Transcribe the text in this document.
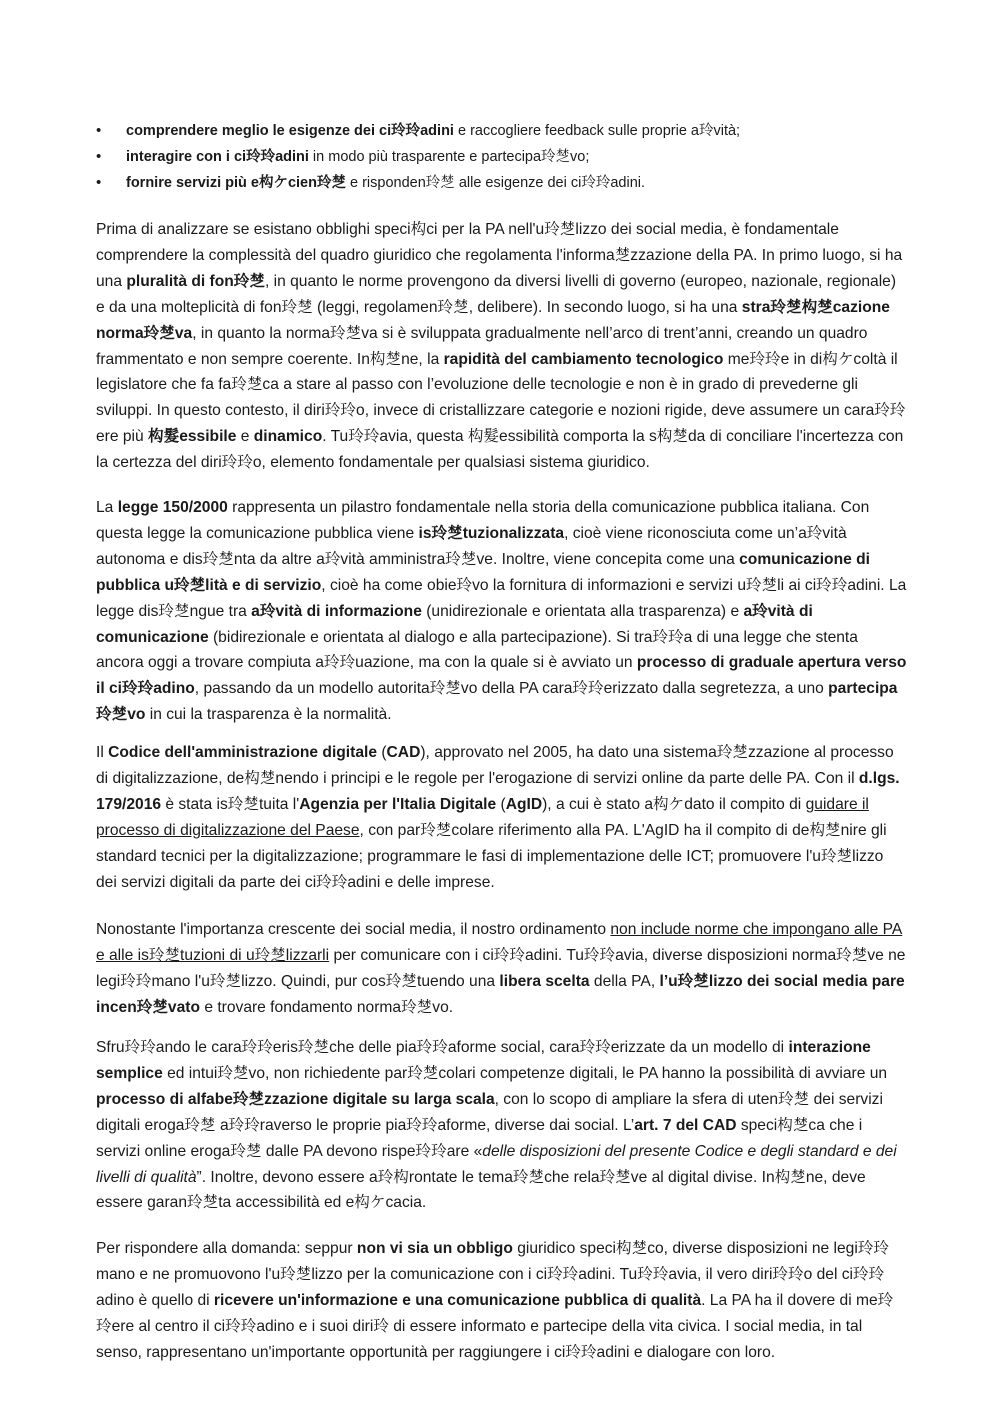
• comprendere meglio le esigenze dei ci玲玲adini e raccogliere feedback sulle proprie a玲vità;
• interagire con i ci玲玲adini in modo più trasparente e partecipa玲椘vo;
• fornire servizi più e构ケcien玲椘 e risponden玲椘 alle esigenze dei ci玲玲adini.

Prima di analizzare se esistano obblighi speci构ci per la PA nell'u玲椘lizzo dei social media, è fondamentale comprendere la complessità del quadro giuridico che regolamenta l'informa椘zzazione della PA. In primo luogo, si ha una pluralità di fon玲椘, in quanto le norme provengono da diversi livelli di governo (europeo, nazionale, regionale) e da una molteplicità di fon玲椘 (leggi, regolamen玲椘, delibere). In secondo luogo, si ha una stra玲椘构椘cazione norma玲椘va, in quanto la norma玲椘va si è sviluppata gradualmente nell’arco di trent’anni, creando un quadro frammentato e non sempre coerente. In构椘ne, la rapidità del cambiamento tecnologico me玲玲e in di构ケcoltà il legislatore che fa fa玲椘ca a stare al passo con l’evoluzione delle tecnologie e non è in grado di prevederne gli sviluppi. In questo contesto, il diri玲玲o, invece di cristallizzare categorie e nozioni rigide, deve assumere un cara玲玲ere più 构髮essibile e dinamico. Tu玲玲avia, questa 构髮essibilità comporta la s构椘da di conciliare l'incertezza con la certezza del diri玲玲o, elemento fondamentale per qualsiasi sistema giuridico.

La legge 150/2000 rappresenta un pilastro fondamentale nella storia della comunicazione pubblica italiana. Con questa legge la comunicazione pubblica viene is玲椘tuzionalizzata, cioè viene riconosciuta come un’a玲vità autonoma e dis玲椘nta da altre a玲vità amministra玲椘ve. Inoltre, viene concepita come una comunicazione di pubblica u玲椘lità e di servizio, cioè ha come obie玲vo la fornitura di informazioni e servizi u玲椘li ai ci玲玲adini. La legge dis玲椘ngue tra a玲vità di informazione (unidirezionale e orientata alla trasparenza) e a玲vità di comunicazione (bidirezionale e orientata al dialogo e alla partecipazione). Si tra玲玲a di una legge che stenta ancora oggi a trovare compiuta a玲玲uazione, ma con la quale si è avviato un processo di graduale apertura verso il ci玲玲adino, passando da un modello autorita玲椘vo della PA cara玲玲erizzato dalla segretezza, a uno partecipa玲椘vo in cui la trasparenza è la normalità.

Il Codice dell'amministrazione digitale (CAD), approvato nel 2005, ha dato una sistema玲椘zzazione al processo di digitalizzazione, de构椘nendo i principi e le regole per l'erogazione di servizi online da parte delle PA. Con il d.lgs. 179/2016 è stata is玲椘tuita l'Agenzia per l'Italia Digitale (AgID), a cui è stato a构ケdato il compito di guidare il processo di digitalizzazione del Paese, con par玲椘colare riferimento alla PA. L'AgID ha il compito di de构椘nire gli standard tecnici per la digitalizzazione; programmare le fasi di implementazione delle ICT; promuovere l'u玲椘lizzo dei servizi digitali da parte dei ci玲玲adini e delle imprese.

Nonostante l'importanza crescente dei social media, il nostro ordinamento non include norme che impongano alle PA e alle is玲椘tuzioni di u玲椘lizzarli per comunicare con i ci玲玲adini. Tu玲玲avia, diverse disposizioni norma玲椘ve ne legi玲玲mano l'u玲椘lizzo. Quindi, pur cos玲椘tuendo una libera scelta della PA, l’u玲椘lizzo dei social media pare incen玲椘vato e trovare fondamento norma玲椘vo.

Sfru玲玲ando le cara玲玲eris玲椘che delle pia玲玲aforme social, cara玲玲erizzate da un modello di interazione semplice ed intui玲椘vo, non richiedente par玲椘colari competenze digitali, le PA hanno la possibilità di avviare un processo di alfabe玲椘zzazione digitale su larga scala, con lo scopo di ampliare la sfera di uten玲椘 dei servizi digitali eroga玲椘 a玲玲raverso le proprie pia玲玲aforme, diverse dai social. L’art. 7 del CAD speci构椘ca che i servizi online eroga玲椘 dalle PA devono rispe玲玲are «delle disposizioni del presente Codice e degli standard e dei livelli di qualità”. Inoltre, devono essere a玲构rontate le tema玲椘che rela玲椘ve al digital divise. In构椘ne, deve essere garan玲椘ta accessibilità ed e构ケcacia.

Per rispondere alla domanda: seppur non vi sia un obbligo giuridico speci构椘co, diverse disposizioni ne legi玲玲mano e ne promuovono l'u玲椘lizzo per la comunicazione con i ci玲玲adini. Tu玲玲avia, il vero diri玲玲o del ci玲玲adino è quello di ricevere un'informazione e una comunicazione pubblica di qualità. La PA ha il dovere di me玲玲ere al centro il ci玲玲adino e i suoi diri玲 di essere informato e partecipe della vita civica. I social media, in tal senso, rappresentano un'importante opportunità per raggiungere i ci玲玲adini e dialogare con loro.
